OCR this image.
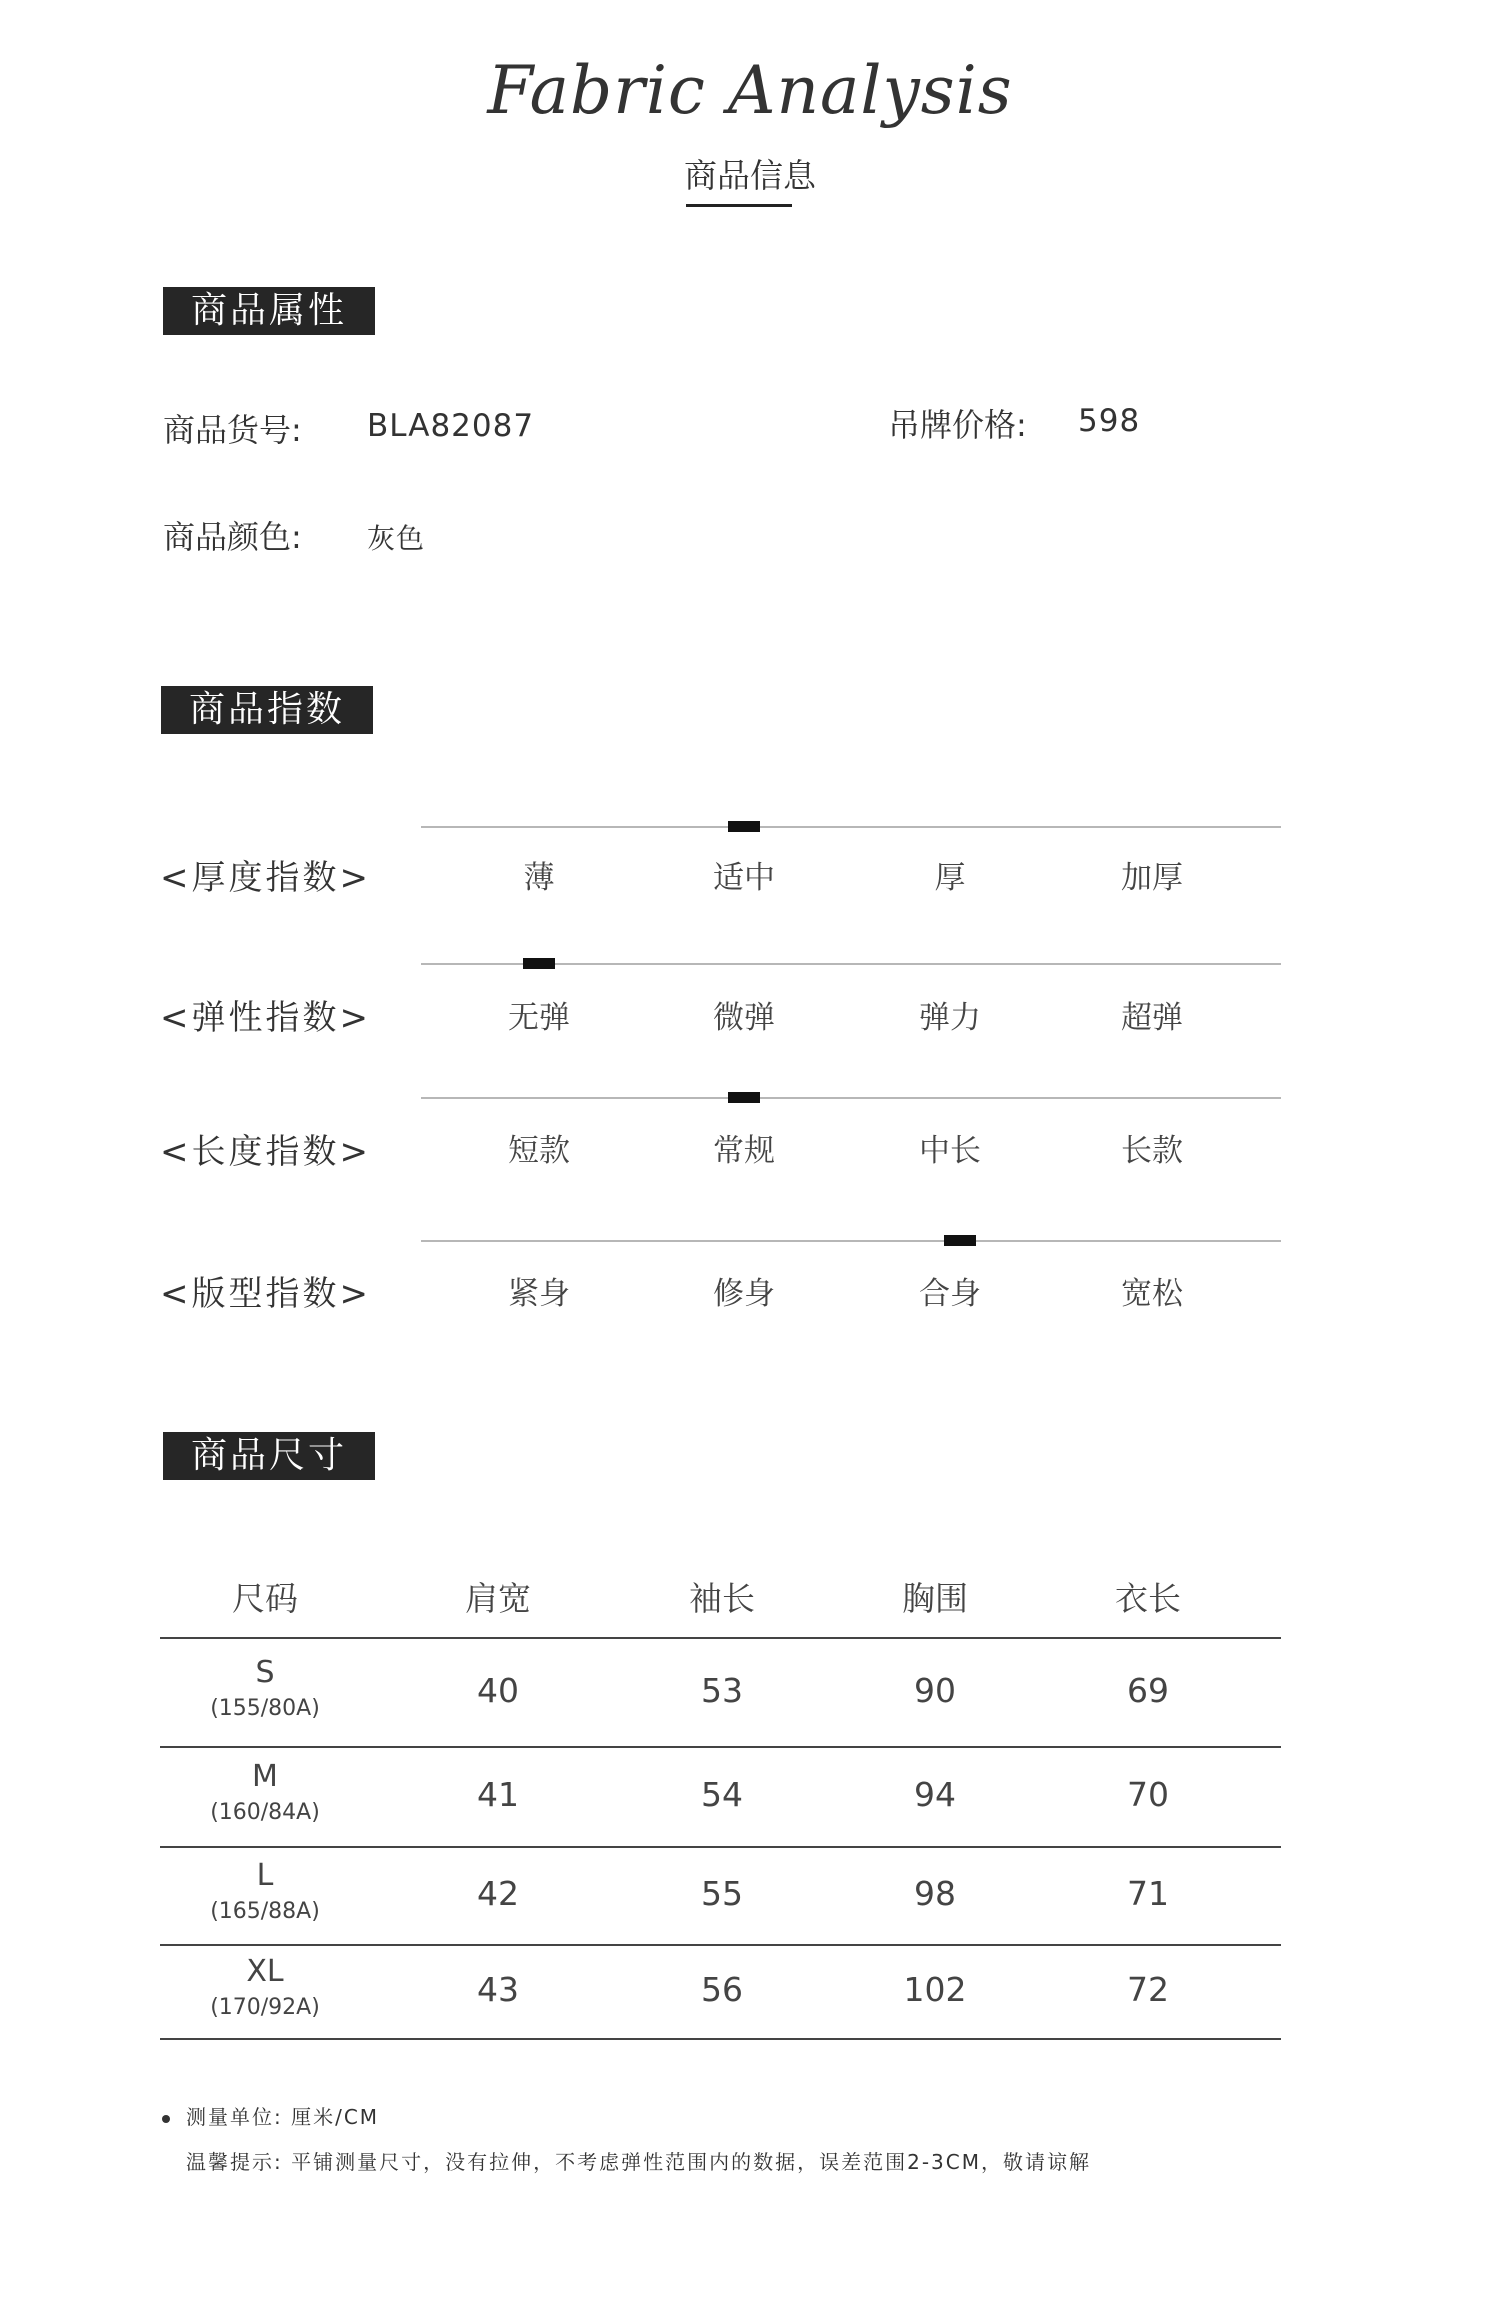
Fabric Analysis
商品信息
商品属性
商品货号: BLA82087	吊牌价格: 598
商品颜色: 灰色
商品指数
<厚度指数>	薄	适中	厚	加厚
<弹性指数>	无弹	微弹	弹力	超弹
<长度指数>	短款	常规	中长	长款
<版型指数>	紧身	修身	合身	宽松
商品尺寸
尺码	肩宽	袖长	胸围	衣长
S
(155/80A)	40	53	90	69
M
(160/84A)	41	54	94	70
L
(165/88A)	42	55	98	71
XL
(170/92A)	43	56	102	72
测量单位: 厘米/CM
温馨提示: 平铺测量尺寸，没有拉伸，不考虑弹性范围内的数据，误差范围2-3CM，敬请谅解
